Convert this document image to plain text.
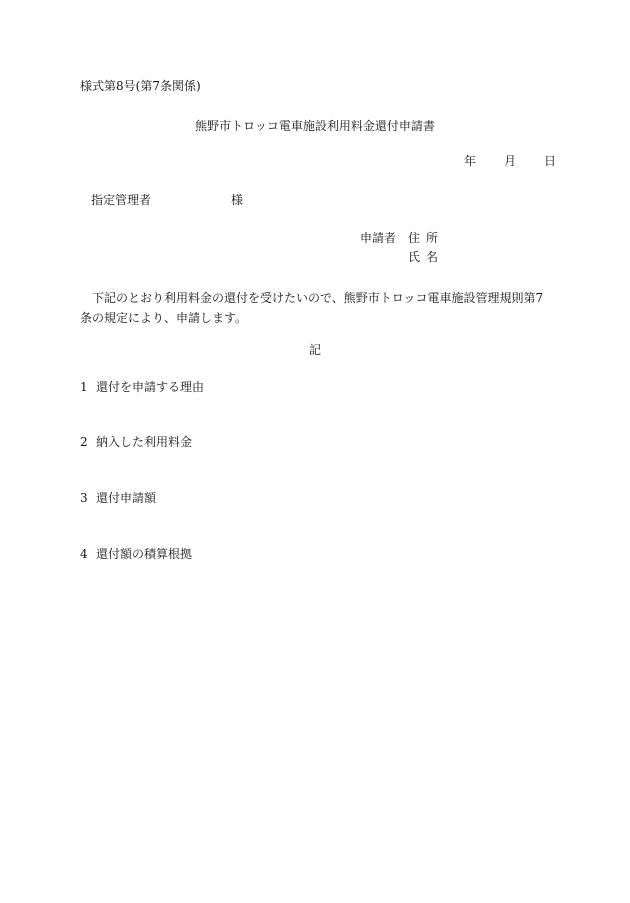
様式第8号(第7条関係)
熊野市トロッコ電車施設利用料金還付申請書
年 月 日
指定管理者	様
申請者 住所
氏名
下記のとおり利用料金の還付を受けたいので、熊野市トロッコ電車施設管理規則第7条の規定により、申請します。
記
1 還付を申請する理由
2 納入した利用料金
3 還付申請額
4 還付額の積算根拠
